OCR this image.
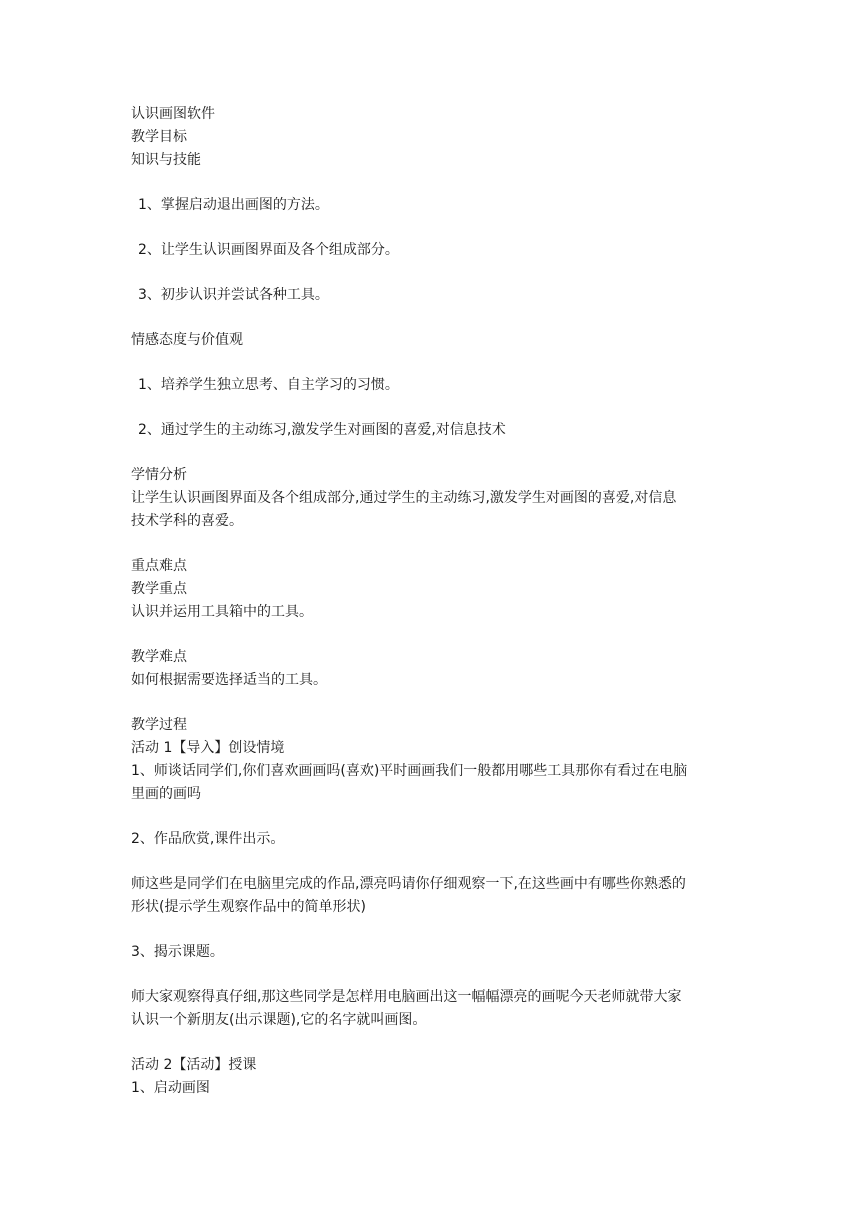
认识画图软件
教学目标
知识与技能
1、掌握启动退出画图的方法。
2、让学生认识画图界面及各个组成部分。
3、初步认识并尝试各种工具。
情感态度与价值观
1、培养学生独立思考、自主学习的习惯。
2、通过学生的主动练习,激发学生对画图的喜爱,对信息技术
学情分析
让学生认识画图界面及各个组成部分,通过学生的主动练习,激发学生对画图的喜爱,对信息
技术学科的喜爱。
重点难点
教学重点
认识并运用工具箱中的工具。
教学难点
如何根据需要选择适当的工具。
教学过程
活动 1【导入】创设情境
1、师谈话同学们,你们喜欢画画吗(喜欢)平时画画我们一般都用哪些工具那你有看过在电脑
里画的画吗
2、作品欣赏,课件出示。
师这些是同学们在电脑里完成的作品,漂亮吗请你仔细观察一下,在这些画中有哪些你熟悉的
形状(提示学生观察作品中的简单形状)
3、揭示课题。
师大家观察得真仔细,那这些同学是怎样用电脑画出这一幅幅漂亮的画呢今天老师就带大家
认识一个新朋友(出示课题),它的名字就叫画图。
活动 2【活动】授课
1、启动画图
